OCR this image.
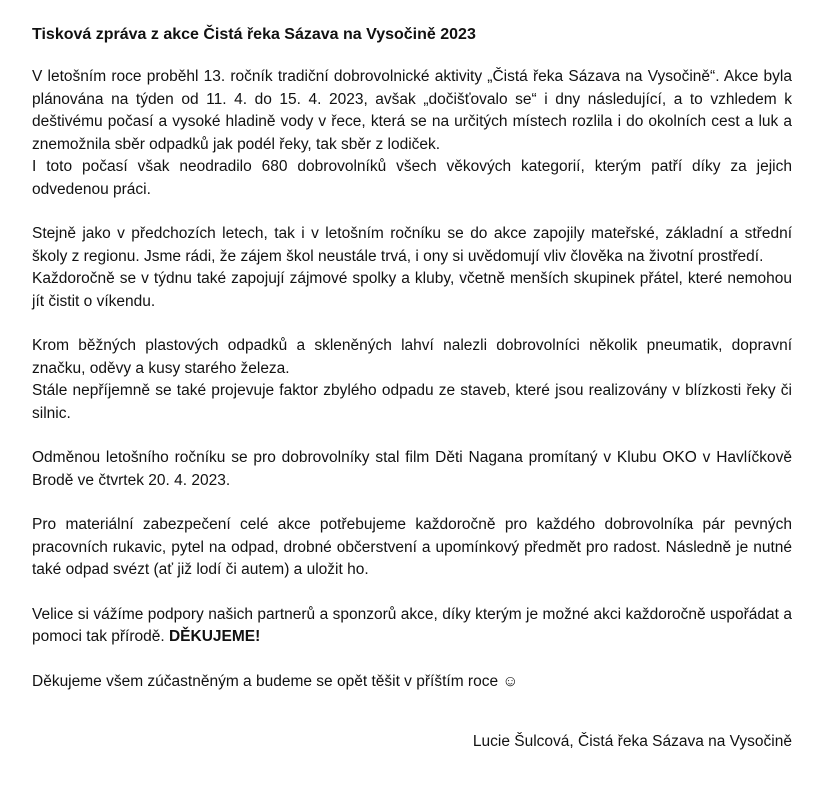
Tisková zpráva z akce Čistá řeka Sázava na Vysočině 2023

V letošním roce proběhl 13. ročník tradiční dobrovolnické aktivity „Čistá řeka Sázava na Vysočině“. Akce byla plánována na týden od 11. 4. do 15. 4. 2023, avšak „dočišťovalo se“ i dny následující, a to vzhledem k deštivému počasí a vysoké hladině vody v řece, která se na určitých místech rozlila i do okolních cest a luk a znemožnila sběr odpadků jak podél řeky, tak sběr z lodiček.

I toto počasí však neodradilo 680 dobrovolníků všech věkových kategorií, kterým patří díky za jejich odvedenou práci.

Stejně jako v předchozích letech, tak i v letošním ročníku se do akce zapojily mateřské, základní a střední školy z regionu. Jsme rádi, že zájem škol neustále trvá, i ony si uvědomují vliv člověka na životní prostředí.

Každoročně se v týdnu také zapojují zájmové spolky a kluby, včetně menších skupinek přátel, které nemohou jít čistit o víkendu.

Krom běžných plastových odpadků a skleněných lahví nalezli dobrovolníci několik pneumatik, dopravní značku, oděvy a kusy starého železa.

Stále nepříjemně se také projevuje faktor zbylého odpadu ze staveb, které jsou realizovány v blízkosti řeky či silnic.

Odměnou letošního ročníku se pro dobrovolníky stal film Děti Nagana promítaný v Klubu OKO v Havlíčkově Brodě ve čtvrtek 20. 4. 2023.

Pro materiální zabezpečení celé akce potřebujeme každoročně pro každého dobrovolníka pár pevných pracovních rukavic, pytel na odpad, drobné občerstvení a upomínkový předmět pro radost. Následně je nutné také odpad svézt (ať již lodí či autem) a uložit ho.

Velice si vážíme podpory našich partnerů a sponzorů akce, díky kterým je možné akci každoročně uspořádat a pomoci tak přírodě. DĚKUJEME!

Děkujeme všem zúčastněným a budeme se opět těšit v příštím roce ☺

Lucie Šulcová, Čistá řeka Sázava na Vysočině
